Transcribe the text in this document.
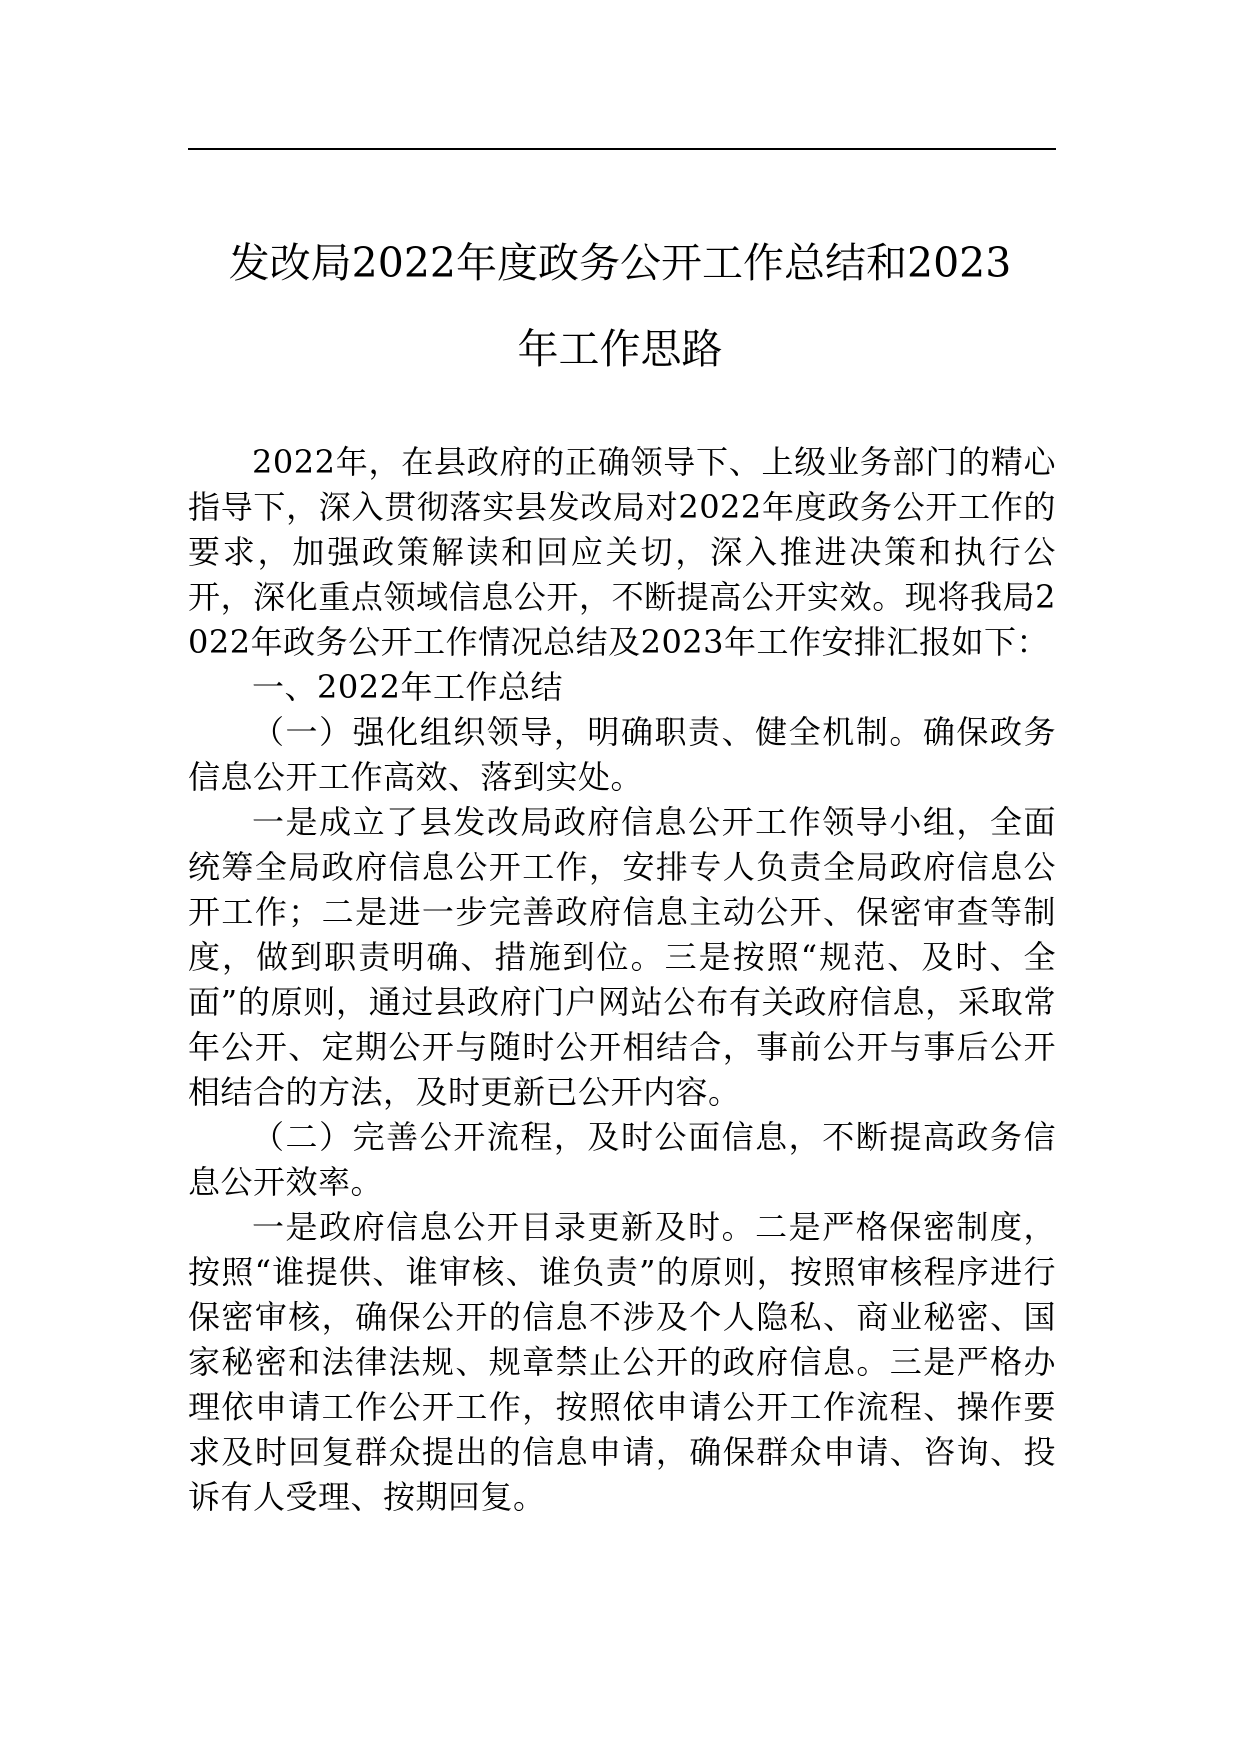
发改局2022年度政务公开工作总结和2023
年工作思路

2022年，在县政府的正确领导下、上级业务部门的精心指导下，深入贯彻落实县发改局对2022年度政务公开工作的要求，加强政策解读和回应关切，深入推进决策和执行公开，深化重点领域信息公开，不断提高公开实效。现将我局2022年政务公开工作情况总结及2023年工作安排汇报如下：

一、2022年工作总结

（一）强化组织领导，明确职责、健全机制。确保政务信息公开工作高效、落到实处。

一是成立了县发改局政府信息公开工作领导小组，全面统筹全局政府信息公开工作，安排专人负责全局政府信息公开工作；二是进一步完善政府信息主动公开、保密审查等制度，做到职责明确、措施到位。三是按照“规范、及时、全面”的原则，通过县政府门户网站公布有关政府信息，采取常年公开、定期公开与随时公开相结合，事前公开与事后公开相结合的方法，及时更新已公开内容。

（二）完善公开流程，及时公面信息，不断提高政务信息公开效率。

一是政府信息公开目录更新及时。二是严格保密制度，按照“谁提供、谁审核、谁负责”的原则，按照审核程序进行保密审核，确保公开的信息不涉及个人隐私、商业秘密、国家秘密和法律法规、规章禁止公开的政府信息。三是严格办理依申请工作公开工作，按照依申请公开工作流程、操作要求及时回复群众提出的信息申请，确保群众申请、咨询、投诉有人受理、按期回复。
